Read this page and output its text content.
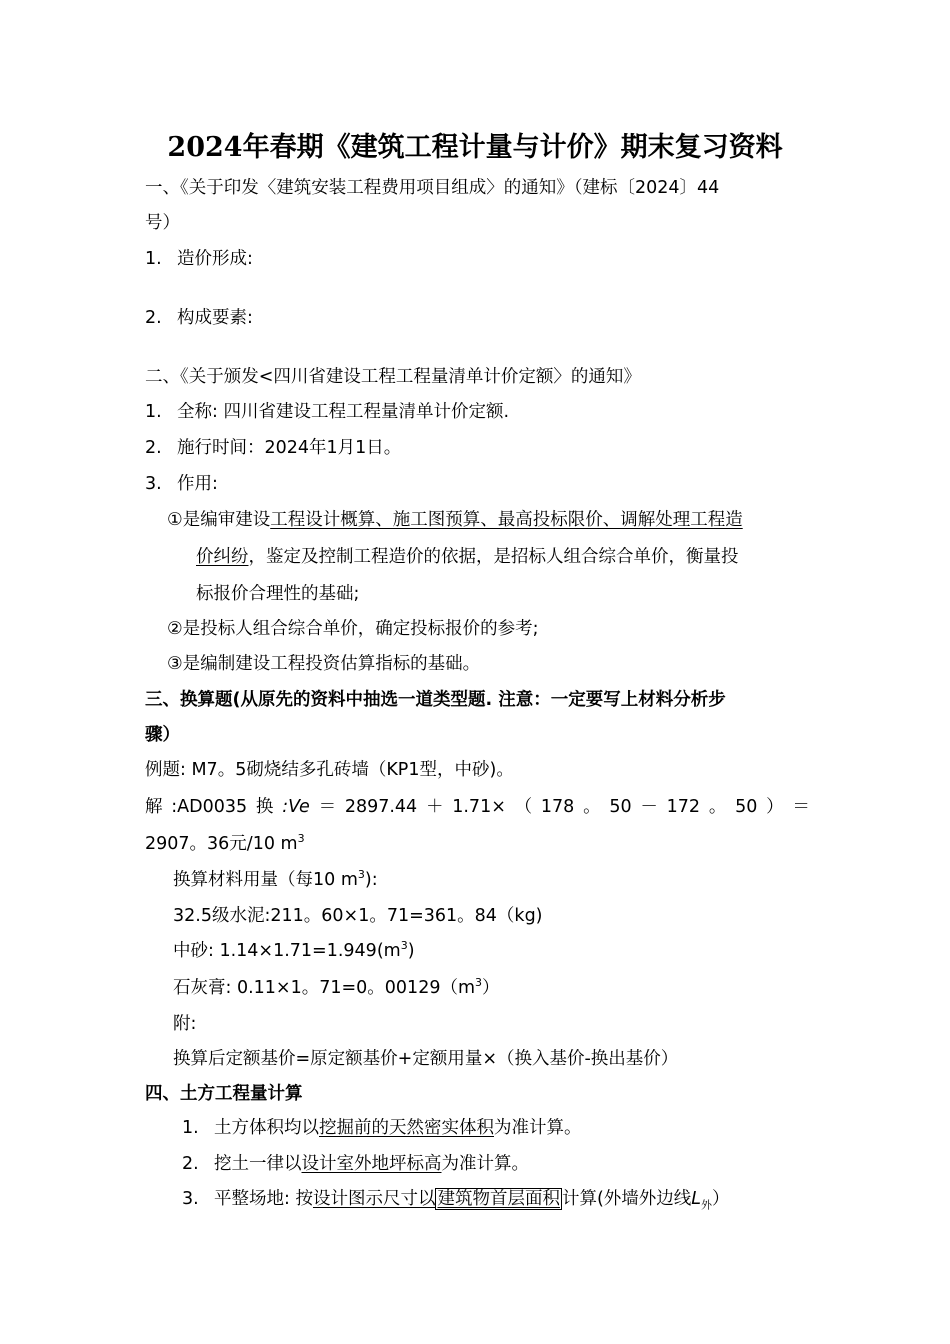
2024年春期《建筑工程计量与计价》期末复习资料
一、《关于印发〈建筑安装工程费用项目组成〉的通知》（建标〔2024〕44
号）
1. 造价形成:
2. 构成要素:
二、《关于颁发<四川省建设工程工程量清单计价定额〉的通知》
1. 全称: 四川省建设工程工程量清单计价定额.
2. 施行时间：2024年1月1日。
3. 作用:
①是编审建设工程设计概算、施工图预算、最高投标限价、调解处理工程造
价纠纷，鉴定及控制工程造价的依据，是招标人组合综合单价，衡量投
标报价合理性的基础;
②是投标人组合综合单价，确定投标报价的参考;
③是编制建设工程投资估算指标的基础。
三、换算题(从原先的资料中抽选一道类型题. 注意：一定要写上材料分析步
骤）
例题: M7。5砌烧结多孔砖墙（KP1型，中砂)。
解 :AD0035 换 :Ve ＝ 2897.44 ＋ 1.71× （ 178 。 50 － 172 。 50 ） ＝
2907。36元/10 $m^3$
换算材料用量（每10 $m^3$):
32.5级水泥:211。60×1。71=361。84（kg)
中砂: $1.14\times 1.71=1.949(m^3)$
石灰膏: 0.11×1。71=0。$00129(m^3)$
附:
换算后定额基价=原定额基价+定额用量×（换入基价-换出基价）
四、土方工程量计算
1. 土方体积均以挖掘前的天然密实体积为准计算。
2. 挖土一律以设计室外地坪标高为准计算。
3. 平整场地: 按设计图示尺寸以 建筑物首层面积 计算(外墙外边线$L_外$）
